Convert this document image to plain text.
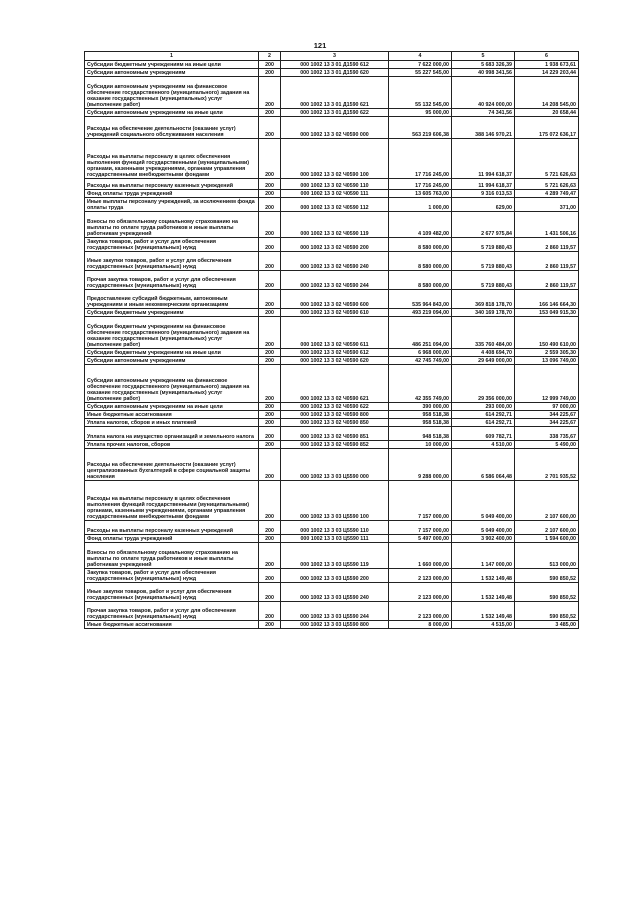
121
1	2	3	4	5	6
Субсидии бюджетным учреждениям на иные цели	200	000 1002 13 3 01 Д1590 612	7 622 000,00	5 683 326,39	1 938 673,61
Субсидии автономным учреждениям	200	000 1002 13 3 01 Д1590 620	55 227 545,00	40 998 341,56	14 229 203,44
Субсидии автономным учреждениям на финансовое обеспечение государственного (муниципального) задания на оказание государственных (муниципальных) услуг (выполнение работ)	200	000 1002 13 3 01 Д1590 621	55 132 545,00	40 924 000,00	14 208 545,00
Субсидии автономным учреждениям на иные цели	200	000 1002 13 3 01 Д1590 622	95 000,00	74 341,56	20 658,44
Расходы на обеспечение деятельности (оказание услуг) учреждений социального обслуживания населения	200	000 1002 13 3 02 Ч0590 000	563 219 606,38	388 146 970,21	175 072 636,17
Расходы на выплаты персоналу в целях обеспечения выполнения функций государственными (муниципальными) органами, казенными учреждениями, органами управления государственными внебюджетными фондами	200	000 1002 13 3 02 Ч0590 100	17 716 245,00	11 994 618,37	5 721 626,63
Расходы на выплаты персоналу казенных учреждений	200	000 1002 13 3 02 Ч0590 110	17 716 245,00	11 994 618,37	5 721 626,63
Фонд оплаты труда учреждений	200	000 1002 13 3 02 Ч0590 111	13 605 763,00	9 316 013,53	4 289 749,47
Иные выплаты персоналу учреждений, за исключением фонда оплаты труда	200	000 1002 13 3 02 Ч0590 112	1 000,00	629,00	371,00
Взносы по обязательному социальному страхованию на выплаты по оплате труда работников и иные выплаты работникам учреждений	200	000 1002 13 3 02 Ч0590 119	4 109 482,00	2 677 975,84	1 431 506,16
Закупка товаров, работ и услуг для обеспечения государственных (муниципальных) нужд	200	000 1002 13 3 02 Ч0590 200	8 580 000,00	5 719 880,43	2 860 119,57
Иные закупки товаров, работ и услуг для обеспечения государственных (муниципальных) нужд	200	000 1002 13 3 02 Ч0590 240	8 580 000,00	5 719 880,43	2 860 119,57
Прочая закупка товаров, работ и услуг для обеспечения государственных (муниципальных) нужд	200	000 1002 13 3 02 Ч0590 244	8 580 000,00	5 719 880,43	2 860 119,57
Предоставление субсидий бюджетным, автономным учреждениям и иным некоммерческим организациям	200	000 1002 13 3 02 Ч0590 600	535 964 843,00	369 818 178,70	166 146 664,30
Субсидии бюджетным учреждениям	200	000 1002 13 3 02 Ч0590 610	493 219 094,00	340 169 178,70	153 049 915,30
Субсидии бюджетным учреждениям на финансовое обеспечение государственного (муниципального) задания на оказание государственных (муниципальных) услуг (выполнение работ)	200	000 1002 13 3 02 Ч0590 611	486 251 094,00	335 760 484,00	150 490 610,00
Субсидии бюджетным учреждениям на иные цели	200	000 1002 13 3 02 Ч0590 612	6 968 000,00	4 408 694,70	2 559 305,30
Субсидии автономным учреждениям	200	000 1002 13 3 02 Ч0590 620	42 745 749,00	29 649 000,00	13 096 749,00
Субсидии автономным учреждениям на финансовое обеспечение государственного (муниципального) задания на оказание государственных (муниципальных) услуг (выполнение работ)	200	000 1002 13 3 02 Ч0590 621	42 355 749,00	29 356 000,00	12 999 749,00
Субсидии автономным учреждениям на иные цели	200	000 1002 13 3 02 Ч0590 622	390 000,00	293 000,00	97 000,00
Иные бюджетные ассигнования	200	000 1002 13 3 02 Ч0590 800	958 518,38	614 292,71	344 225,67
Уплата налогов, сборов и иных платежей	200	000 1002 13 3 02 Ч0590 850	958 518,38	614 292,71	344 225,67
Уплата налога на имущество организаций и земельного налога	200	000 1002 13 3 02 Ч0590 851	948 518,38	609 782,71	338 735,67
Уплата прочих налогов, сборов	200	000 1002 13 3 02 Ч0590 852	10 000,00	4 510,00	5 490,00
Расходы на обеспечение деятельности (оказание услуг) централизованных бухгалтерий в сфере социальной защиты населения	200	000 1002 13 3 03 Ц5590 000	9 288 000,00	6 586 064,48	2 701 935,52
Расходы на выплаты персоналу в целях обеспечения выполнения функций государственными (муниципальными) органами, казенными учреждениями, органами управления государственными внебюджетными фондами	200	000 1002 13 3 03 Ц5590 100	7 157 000,00	5 049 400,00	2 107 600,00
Расходы на выплаты персоналу казенных учреждений	200	000 1002 13 3 03 Ц5590 110	7 157 000,00	5 049 400,00	2 107 600,00
Фонд оплаты труда учреждений	200	000 1002 13 3 03 Ц5590 111	5 497 000,00	3 902 400,00	1 594 600,00
Взносы по обязательному социальному страхованию на выплаты по оплате труда работников и иные выплаты работникам учреждений	200	000 1002 13 3 03 Ц5590 119	1 660 000,00	1 147 000,00	513 000,00
Закупка товаров, работ и услуг для обеспечения государственных (муниципальных) нужд	200	000 1002 13 3 03 Ц5590 200	2 123 000,00	1 532 149,48	590 850,52
Иные закупки товаров, работ и услуг для обеспечения государственных (муниципальных) нужд	200	000 1002 13 3 03 Ц5590 240	2 123 000,00	1 532 149,48	590 850,52
Прочая закупка товаров, работ и услуг для обеспечения государственных (муниципальных) нужд	200	000 1002 13 3 03 Ц5590 244	2 123 000,00	1 532 149,48	590 850,52
Иные бюджетные ассигнования	200	000 1002 13 3 03 Ц5590 800	8 000,00	4 515,00	3 485,00
